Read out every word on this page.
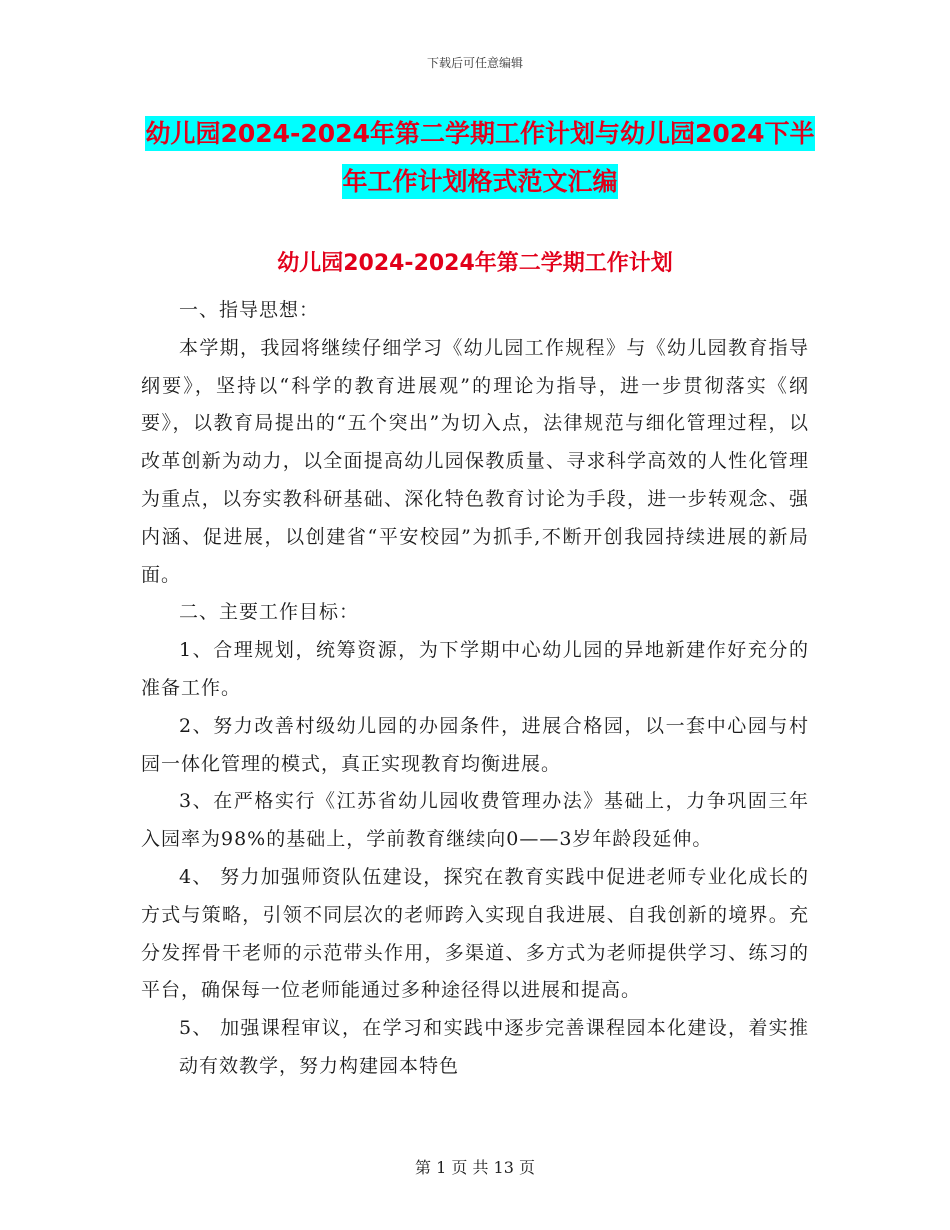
下载后可任意编辑
幼儿园2024-2024年第二学期工作计划与幼儿园2024下半年工作计划格式范文汇编
幼儿园2024-2024年第二学期工作计划

一、指导思想：

本学期，我园将继续仔细学习《幼儿园工作规程》与《幼儿园教育指导纲要》，坚持以“科学的教育进展观”的理论为指导，进一步贯彻落实《纲要》，以教育局提出的“五个突出”为切入点，法律规范与细化管理过程，以改革创新为动力，以全面提高幼儿园保教质量、寻求科学高效的人性化管理为重点，以夯实教科研基础、深化特色教育讨论为手段，进一步转观念、强内涵、促进展，以创建省“平安校园”为抓手,不断开创我园持续进展的新局面。

二、主要工作目标：

1、合理规划，统筹资源，为下学期中心幼儿园的异地新建作好充分的准备工作。

2、努力改善村级幼儿园的办园条件，进展合格园，以一套中心园与村园一体化管理的模式，真正实现教育均衡进展。

3、在严格实行《江苏省幼儿园收费管理办法》基础上，力争巩固三年入园率为98%的基础上，学前教育继续向0——3岁年龄段延伸。

4、 努力加强师资队伍建设，探究在教育实践中促进老师专业化成长的方式与策略，引领不同层次的老师跨入实现自我进展、自我创新的境界。充分发挥骨干老师的示范带头作用，多渠道、多方式为老师提供学习、练习的平台，确保每一位老师能通过多种途径得以进展和提高。

5、 加强课程审议，在学习和实践中逐步完善课程园本化建设，着实推动有效教学，努力构建园本特色

第 1 页 共 13 页
